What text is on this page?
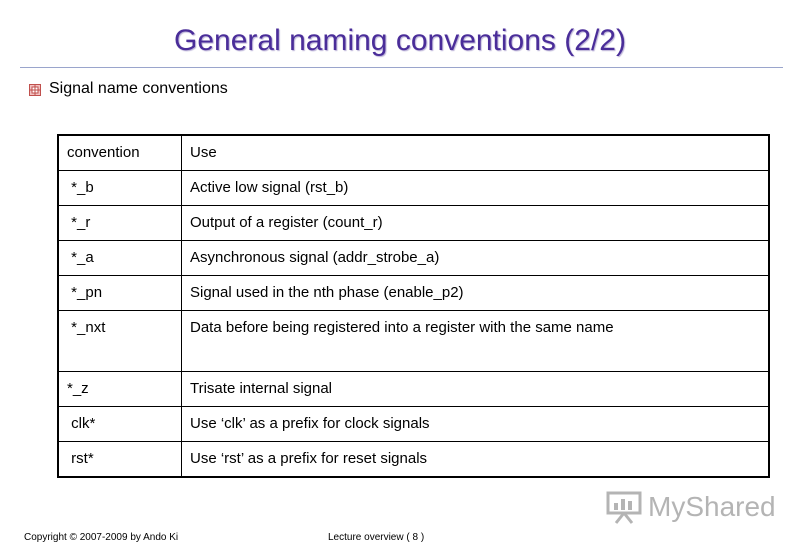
General naming conventions (2/2)
Signal name conventions
convention	Use
*_b	Active low signal (rst_b)
*_r	Output of a register (count_r)
*_a	Asynchronous signal (addr_strobe_a)
*_pn	Signal used in the nth phase (enable_p2)
*_nxt	Data before being registered into a register with the same name
*_z	Trisate internal signal
clk*	Use ‘clk’ as a prefix for clock signals
rst*	Use ‘rst’ as a prefix for reset signals
MyShared
Copyright © 2007-2009 by Ando Ki	Lecture overview ( 8 )
